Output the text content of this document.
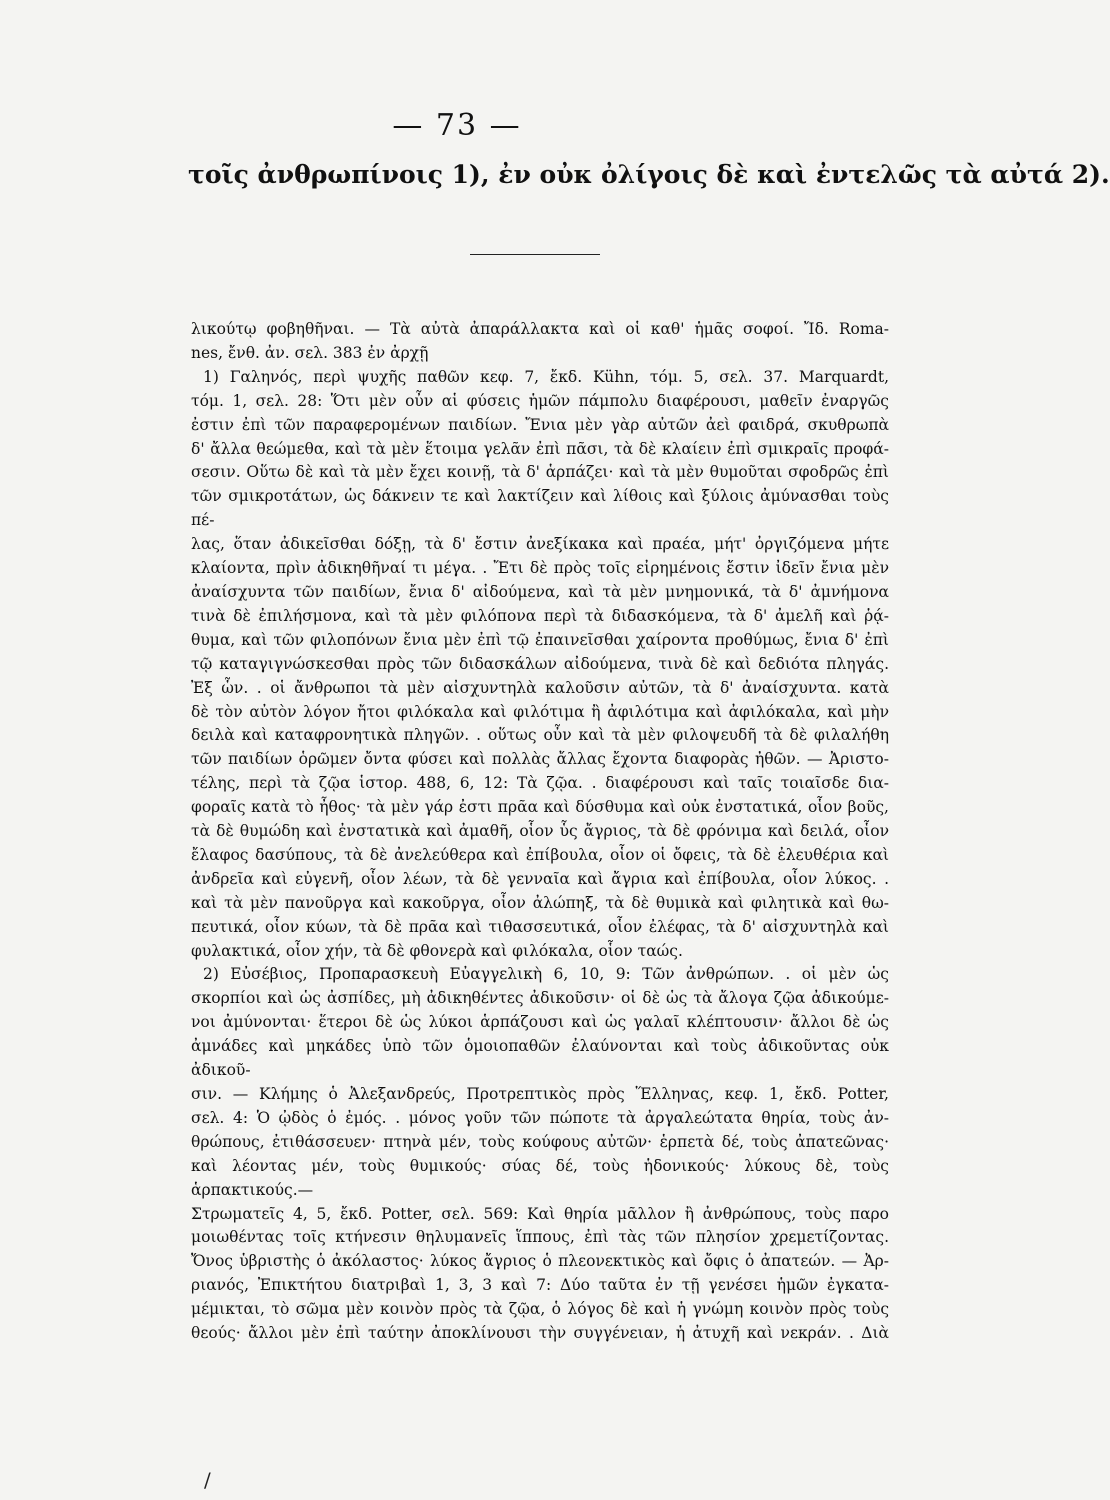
— 73 —
τοῖς ἀνθρωπίνοις 1), ἐν οὐκ ὀλίγοις δὲ καὶ ἐντελῶς τὰ αὐτά 2).

λικούτῳ φοβηθῆναι. — Τὰ αὐτὰ ἀπαράλλακτα καὶ οἱ καθ' ἡμᾶς σοφοί. Ἴδ. Roma-

nes, ἔνθ. ἀν. σελ. 383 ἐν ἀρχῇ

1) Γαληνός, περὶ ψυχῆς παθῶν κεφ. 7, ἔκδ. Kühn, τόμ. 5, σελ. 37. Marquardt,

τόμ. 1, σελ. 28: Ὅτι μὲν οὖν αἱ φύσεις ἡμῶν πάμπολυ διαφέρουσι, μαθεῖν ἐναργῶς

ἐστιν ἐπὶ τῶν παραφερομένων παιδίων. Ἔνια μὲν γὰρ αὐτῶν ἀεὶ φαιδρά, σκυθρωπὰ

δ' ἄλλα θεώμεθα, καὶ τὰ μὲν ἕτοιμα γελᾶν ἐπὶ πᾶσι, τὰ δὲ κλαίειν ἐπὶ σμικραῖς προφά-

σεσιν. Οὕτω δὲ καὶ τὰ μὲν ἔχει κοινῇ, τὰ δ' ἁρπάζει· καὶ τὰ μὲν θυμοῦται σφοδρῶς ἐπὶ

τῶν σμικροτάτων, ὡς δάκνειν τε καὶ λακτίζειν καὶ λίθοις καὶ ξύλοις ἀμύνασθαι τοὺς πέ-

λας, ὅταν ἀδικεῖσθαι δόξῃ, τὰ δ' ἔστιν ἀνεξίκακα καὶ πραέα, μήτ' ὀργιζόμενα μήτε

κλαίοντα, πρὶν ἀδικηθῆναί τι μέγα. . Ἔτι δὲ πρὸς τοῖς εἰρημένοις ἔστιν ἰδεῖν ἔνια μὲν

ἀναίσχυντα τῶν παιδίων, ἔνια δ' αἰδούμενα, καὶ τὰ μὲν μνημονικά, τὰ δ' ἀμνήμονα

τινὰ δὲ ἐπιλήσμονα, καὶ τὰ μὲν φιλόπονα περὶ τὰ διδασκόμενα, τὰ δ' ἀμελῆ καὶ ῥᾴ-

θυμα, καὶ τῶν φιλοπόνων ἔνια μὲν ἐπὶ τῷ ἐπαινεῖσθαι χαίροντα προθύμως, ἔνια δ' ἐπὶ

τῷ καταγιγνώσκεσθαι πρὸς τῶν διδασκάλων αἰδούμενα, τινὰ δὲ καὶ δεδιότα πληγάς.

Ἐξ ὧν. . οἱ ἄνθρωποι τὰ μὲν αἰσχυντηλὰ καλοῦσιν αὐτῶν, τὰ δ' ἀναίσχυντα. κατὰ

δὲ τὸν αὐτὸν λόγον ἤτοι φιλόκαλα καὶ φιλότιμα ἢ ἀφιλότιμα καὶ ἀφιλόκαλα, καὶ μὴν

δειλὰ καὶ καταφρονητικὰ πληγῶν. . οὕτως οὖν καὶ τὰ μὲν φιλοψευδῆ τὰ δὲ φιλαλήθη

τῶν παιδίων ὁρῶμεν ὄντα φύσει καὶ πολλὰς ἄλλας ἔχοντα διαφορὰς ἠθῶν. — Ἀριστο-

τέλης, περὶ τὰ ζῷα ἱστορ. 488, 6, 12: Τὰ ζῷα. . διαφέρουσι καὶ ταῖς τοιαῖσδε δια-

φοραῖς κατὰ τὸ ἦθος· τὰ μὲν γάρ ἐστι πρᾶα καὶ δύσθυμα καὶ οὐκ ἐνστατικά, οἷον βοῦς,

τὰ δὲ θυμώδη καὶ ἐνστατικὰ καὶ ἀμαθῆ, οἷον ὗς ἄγριος, τὰ δὲ φρόνιμα καὶ δειλά, οἷον

ἔλαφος δασύπους, τὰ δὲ ἀνελεύθερα καὶ ἐπίβουλα, οἷον οἱ ὄφεις, τὰ δὲ ἐλευθέρια καὶ

ἀνδρεῖα καὶ εὐγενῆ, οἷον λέων, τὰ δὲ γενναῖα καὶ ἄγρια καὶ ἐπίβουλα, οἷον λύκος. .

καὶ τὰ μὲν πανοῦργα καὶ κακοῦργα, οἷον ἀλώπηξ, τὰ δὲ θυμικὰ καὶ φιλητικὰ καὶ θω-

πευτικά, οἷον κύων, τὰ δὲ πρᾶα καὶ τιθασσευτικά, οἷον ἐλέφας, τὰ δ' αἰσχυντηλὰ καὶ

φυλακτικά, οἷον χήν, τὰ δὲ φθονερὰ καὶ φιλόκαλα, οἷον ταώς.

2) Εὐσέβιος, Προπαρασκευὴ Εὐαγγελικὴ 6, 10, 9: Τῶν ἀνθρώπων. . οἱ μὲν ὡς

σκορπίοι καὶ ὡς ἀσπίδες, μὴ ἀδικηθέντες ἀδικοῦσιν· οἱ δὲ ὡς τὰ ἄλογα ζῷα ἀδικούμε-

νοι ἀμύνονται· ἕτεροι δὲ ὡς λύκοι ἁρπάζουσι καὶ ὡς γαλαῖ κλέπτουσιν· ἄλλοι δὲ ὡς

ἀμνάδες καὶ μηκάδες ὑπὸ τῶν ὁμοιοπαθῶν ἐλαύνονται καὶ τοὺς ἀδικοῦντας οὐκ ἀδικοῦ-

σιν. — Κλήμης ὁ Ἀλεξανδρεύς, Προτρεπτικὸς πρὸς Ἕλληνας, κεφ. 1, ἔκδ. Potter,

σελ. 4: Ὁ ᾠδὸς ὁ ἐμός. . μόνος γοῦν τῶν πώποτε τὰ ἀργαλεώτατα θηρία, τοὺς ἀν-

θρώπους, ἐτιθάσσευεν· πτηνὰ μέν, τοὺς κούφους αὐτῶν· ἑρπετὰ δέ, τοὺς ἀπατεῶνας·

καὶ λέοντας μέν, τοὺς θυμικούς· σύας δέ, τοὺς ἡδονικούς· λύκους δὲ, τοὺς ἁρπακτικούς.—

Στρωματεῖς 4, 5, ἔκδ. Potter, σελ. 569: Καὶ θηρία μᾶλλον ἢ ἀνθρώπους, τοὺς παρο

μοιωθέντας τοῖς κτήνεσιν θηλυμανεῖς ἵππους, ἐπὶ τὰς τῶν πλησίον χρεμετίζοντας.

Ὄνος ὑβριστὴς ὁ ἀκόλαστος· λύκος ἄγριος ὁ πλεονεκτικὸς καὶ ὄφις ὁ ἀπατεών. — Ἀρ-

ριανός, Ἐπικτήτου διατριβαὶ 1, 3, 3 καὶ 7: Δύο ταῦτα ἐν τῇ γενέσει ἡμῶν ἐγκατα-

μέμικται, τὸ σῶμα μὲν κοινὸν πρὸς τὰ ζῷα, ὁ λόγος δὲ καὶ ἡ γνώμη κοινὸν πρὸς τοὺς

θεούς· ἄλλοι μὲν ἐπὶ ταύτην ἀποκλίνουσι τὴν συγγένειαν, ἡ ἀτυχῆ καὶ νεκράν. . Διὰ

/
